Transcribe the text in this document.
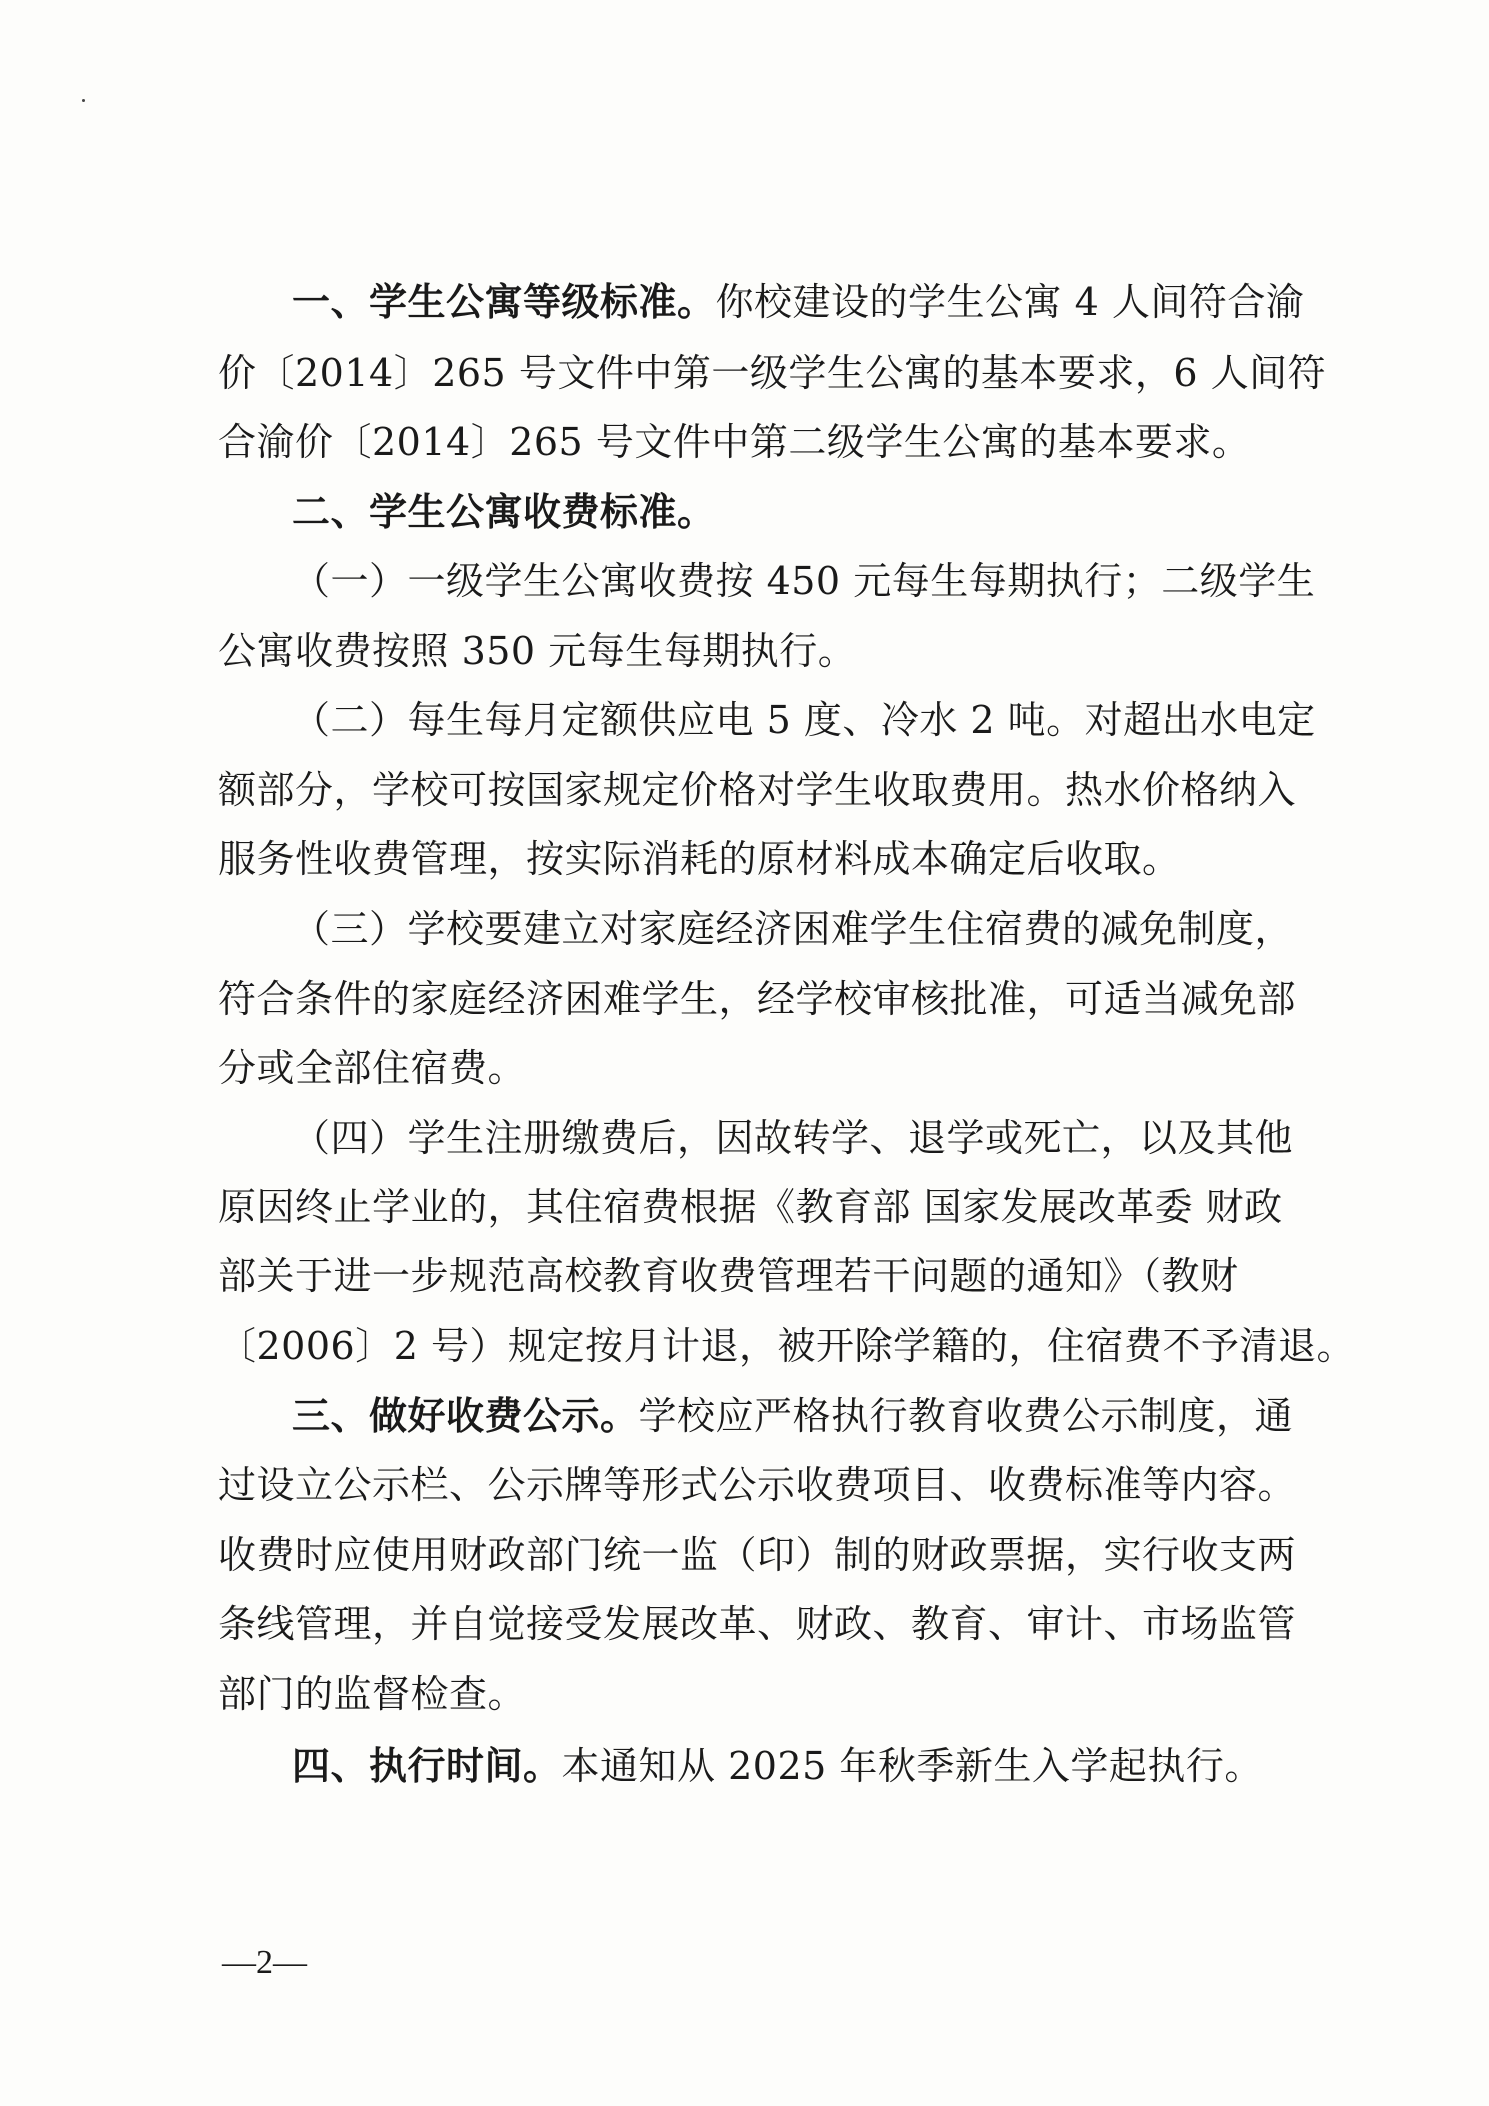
一、学生公寓等级标准。你校建设的学生公寓 4 人间符合渝
价〔2014〕265 号文件中第一级学生公寓的基本要求，6 人间符
合渝价〔2014〕265 号文件中第二级学生公寓的基本要求。
二、学生公寓收费标准。
（一）一级学生公寓收费按 450 元每生每期执行；二级学生
公寓收费按照 350 元每生每期执行。
（二）每生每月定额供应电 5 度、冷水 2 吨。对超出水电定
额部分，学校可按国家规定价格对学生收取费用。热水价格纳入
服务性收费管理，按实际消耗的原材料成本确定后收取。
（三）学校要建立对家庭经济困难学生住宿费的减免制度，
符合条件的家庭经济困难学生，经学校审核批准，可适当减免部
分或全部住宿费。
（四）学生注册缴费后，因故转学、退学或死亡，以及其他
原因终止学业的，其住宿费根据《教育部 国家发展改革委 财政
部关于进一步规范高校教育收费管理若干问题的通知》（教财
〔2006〕2 号）规定按月计退，被开除学籍的，住宿费不予清退。
三、做好收费公示。学校应严格执行教育收费公示制度，通
过设立公示栏、公示牌等形式公示收费项目、收费标准等内容。
收费时应使用财政部门统一监（印）制的财政票据，实行收支两
条线管理，并自觉接受发展改革、财政、教育、审计、市场监管
部门的监督检查。
四、执行时间。本通知从 2025 年秋季新生入学起执行。
—2—
